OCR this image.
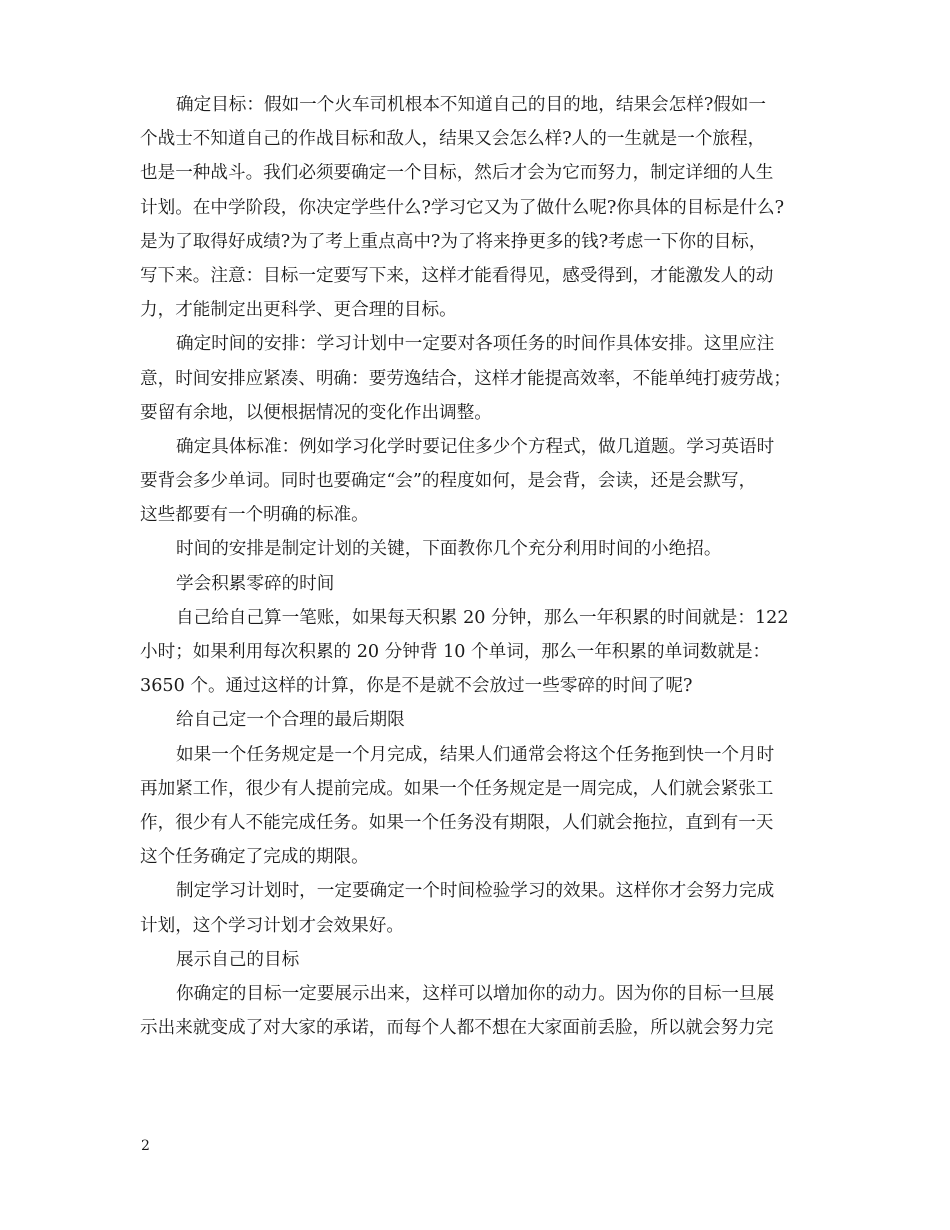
确定目标：假如一个火车司机根本不知道自己的目的地，结果会怎样?假如一
个战士不知道自己的作战目标和敌人，结果又会怎么样?人的一生就是一个旅程，
也是一种战斗。我们必须要确定一个目标，然后才会为它而努力，制定详细的人生
计划。在中学阶段，你决定学些什么?学习它又为了做什么呢?你具体的目标是什么?
是为了取得好成绩?为了考上重点高中?为了将来挣更多的钱?考虑一下你的目标，
写下来。注意：目标一定要写下来，这样才能看得见，感受得到，才能激发人的动
力，才能制定出更科学、更合理的目标。
确定时间的安排：学习计划中一定要对各项任务的时间作具体安排。这里应注
意，时间安排应紧凑、明确：要劳逸结合，这样才能提高效率，不能单纯打疲劳战；
要留有余地，以便根据情况的变化作出调整。
确定具体标准：例如学习化学时要记住多少个方程式，做几道题。学习英语时
要背会多少单词。同时也要确定“会”的程度如何，是会背，会读，还是会默写，
这些都要有一个明确的标准。
时间的安排是制定计划的关键，下面教你几个充分利用时间的小绝招。
学会积累零碎的时间
自己给自己算一笔账，如果每天积累 20 分钟，那么一年积累的时间就是：122
小时；如果利用每次积累的 20 分钟背 10 个单词，那么一年积累的单词数就是：
3650 个。通过这样的计算，你是不是就不会放过一些零碎的时间了呢?
给自己定一个合理的最后期限
如果一个任务规定是一个月完成，结果人们通常会将这个任务拖到快一个月时
再加紧工作，很少有人提前完成。如果一个任务规定是一周完成，人们就会紧张工
作，很少有人不能完成任务。如果一个任务没有期限，人们就会拖拉，直到有一天
这个任务确定了完成的期限。
制定学习计划时，一定要确定一个时间检验学习的效果。这样你才会努力完成
计划，这个学习计划才会效果好。
展示自己的目标
你确定的目标一定要展示出来，这样可以增加你的动力。因为你的目标一旦展
示出来就变成了对大家的承诺，而每个人都不想在大家面前丢脸，所以就会努力完
2
